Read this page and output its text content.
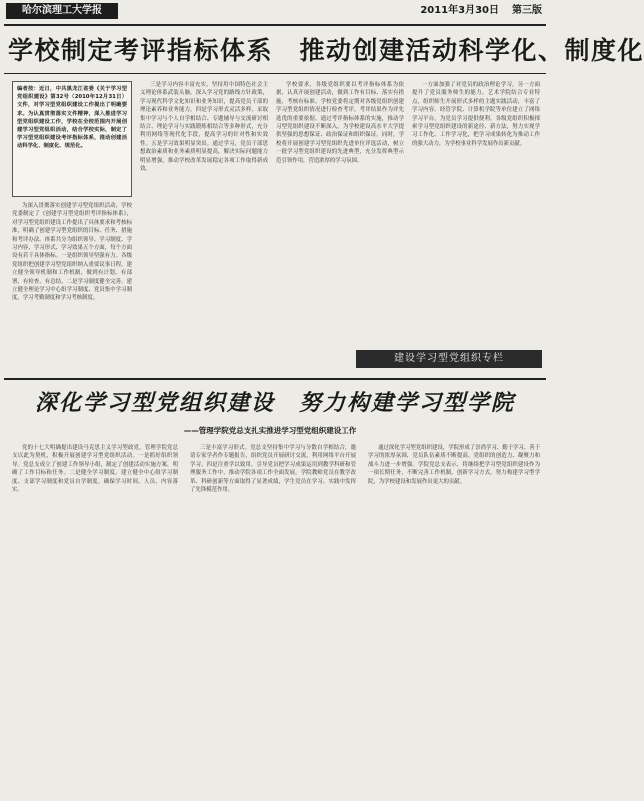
哈尔滨理工大学报	2011年3月30日 第三版
学校制定考评指标体系　推动创建活动科学化、制度化
编者按：近日，中共黑龙江省委《关于学习型党组织建设》第32号（2010年12月31日）文件，对学习型党组织建设工作提出了明确要求。为认真贯彻落实文件精神，深入推进学习型党组织建设工作，学校在全校范围内开展创建学习型党组织活动，结合学校实际，制定了学习型党组织建设考评指标体系，推动创建活动科学化、制度化、规范化。

为深入贯彻落实创建学习型党组织活动，学校党委制定了《创建学习型党组织考评指标体系》，对学习型党组织建设工作提出了具体要求和考核标准，明确了创建学习型党组织的目标、任务、措施和考评办法。体系共分为组织领导、学习制度、学习内容、学习形式、学习效果五个方面，每个方面设有若干具体指标。一是组织领导坚强有力。各级党组织把创建学习型党组织纳入重要议事日程，建立健全领导机制和工作机制，做到有计划、有部署、有检查、有总结。二是学习制度健全完善。建立健全理论学习中心组学习制度、党员集中学习制度、学习考勤制度和学习考核制度。

三是学习内容丰富充实。坚持用中国特色社会主义理论体系武装头脑，深入学习党的路线方针政策，学习现代科学文化知识和业务知识，提高党员干部的理论素养和业务能力。四是学习形式灵活多样。采取集中学习与个人自学相结合、专题辅导与交流研讨相结合、理论学习与实践锻炼相结合等多种形式，充分利用网络等现代化手段，提高学习的针对性和实效性。五是学习效果明显突出。通过学习，党员干部思想政治素质和业务素质明显提高，解决实际问题能力明显增强，推动学校改革发展稳定各项工作取得新成效。

学校要求，各级党组织要以考评指标体系为依据，认真开展创建活动，做到工作有目标、落实有措施、考核有标准。学校党委将定期对各级党组织创建学习型党组织情况进行检查考评，考评结果作为评先选优的重要依据。通过考评指标体系的实施，推动学习型党组织建设不断深入，为学校建设高水平大学提供坚强的思想保证、政治保证和组织保证。同时，学校将开展创建学习型党组织先进单位评选活动，树立一批学习型党组织建设的先进典型，充分发挥典型示范引领作用，营造浓厚的学习氛围。

一方面加强了对党员的政治理论学习，另一方面提升了党员服务师生的能力。艺术学院结合专业特点，组织师生开展形式多样的主题实践活动，丰富了学习内容。经管学院、计算机学院等单位建立了网络学习平台，为党员学习提供便利。各级党组织积极探索学习型党组织建设的新途径、新方法，努力实现学习工作化、工作学习化，把学习成果转化为推动工作的强大动力，为学校事业科学发展作出新贡献。

建设学习型党组织专栏
深化学习型党组织建设　努力构建学习型学院
——管理学院党总支扎实推进学习型党组织建设工作

党的十七大明确提出建设马克思主义学习型政党，管理学院党总支以此为契机，积极开展创建学习型党组织活动。一是抓好组织领导。党总支成立了创建工作领导小组，制定了创建活动实施方案，明确了工作目标和任务。二是健全学习制度。建立健全中心组学习制度、支部学习制度和党员自学制度，确保学习时间、人员、内容落实。

三是丰富学习形式。党总支坚持集中学习与分散自学相结合，邀请专家学者作专题报告，组织党员开展研讨交流，利用网络平台开展学习。四是注重学以致用。引导党员把学习成果运用到教学科研和管理服务工作中，推动学院各项工作全面发展。学院教师党员在教学改革、科研创新等方面取得了显著成绩，学生党员在学习、实践中发挥了先锋模范作用。

通过深化学习型党组织建设，学院形成了崇尚学习、勤于学习、善于学习的浓厚氛围，党员队伍素质不断提高，党组织的创造力、凝聚力和战斗力进一步增强。学院党总支表示，将继续把学习型党组织建设作为一项长期任务，不断完善工作机制，创新学习方式，努力构建学习型学院，为学校建设和发展作出更大的贡献。
